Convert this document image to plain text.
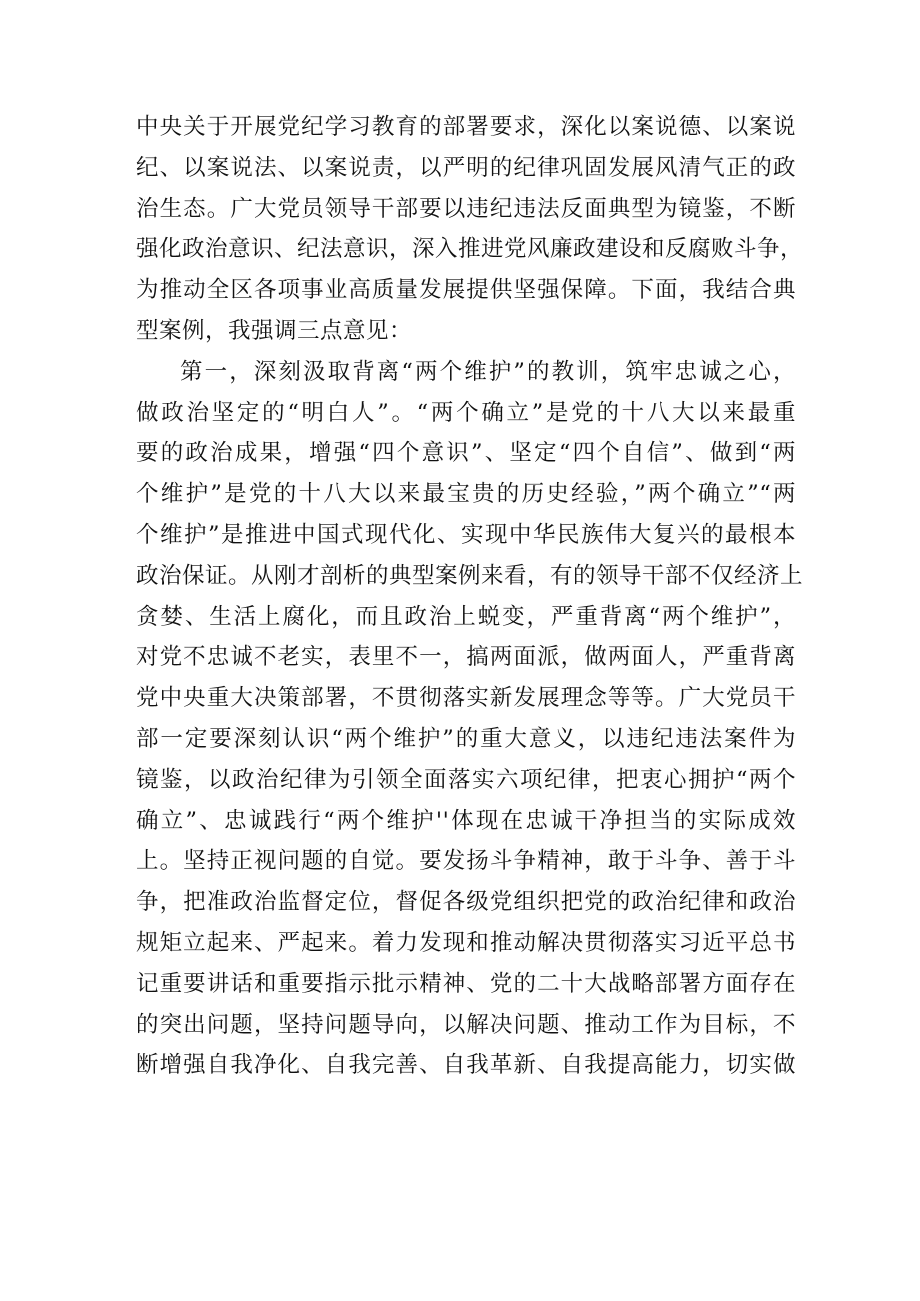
中央关于开展党纪学习教育的部署要求，深化以案说德、以案说
纪、以案说法、以案说责，以严明的纪律巩固发展风清气正的政
治生态。广大党员领导干部要以违纪违法反面典型为镜鉴，不断
强化政治意识、纪法意识，深入推进党风廉政建设和反腐败斗争，
为推动全区各项事业高质量发展提供坚强保障。下面，我结合典
型案例，我强调三点意见：
第一，深刻汲取背离“两个维护”的教训，筑牢忠诚之心，
做政治坚定的“明白人”。“两个确立”是党的十八大以来最重
要的政治成果，增强“四个意识”、坚定“四个自信”、做到“两
个维护”是党的十八大以来最宝贵的历史经验，”两个确立”“两
个维护”是推进中国式现代化、实现中华民族伟大复兴的最根本
政治保证。从刚才剖析的典型案例来看，有的领导干部不仅经济上
贪婪、生活上腐化，而且政治上蜕变，严重背离“两个维护”，
对党不忠诚不老实，表里不一，搞两面派，做两面人，严重背离
党中央重大决策部署，不贯彻落实新发展理念等等。广大党员干
部一定要深刻认识“两个维护”的重大意义，以违纪违法案件为
镜鉴，以政治纪律为引领全面落实六项纪律，把衷心拥护“两个
确立”、忠诚践行“两个维护''体现在忠诚干净担当的实际成效
上。坚持正视问题的自觉。要发扬斗争精神，敢于斗争、善于斗
争，把准政治监督定位，督促各级党组织把党的政治纪律和政治
规矩立起来、严起来。着力发现和推动解决贯彻落实习近平总书
记重要讲话和重要指示批示精神、党的二十大战略部署方面存在
的突出问题，坚持问题导向，以解决问题、推动工作为目标，不
断增强自我净化、自我完善、自我革新、自我提高能力，切实做
